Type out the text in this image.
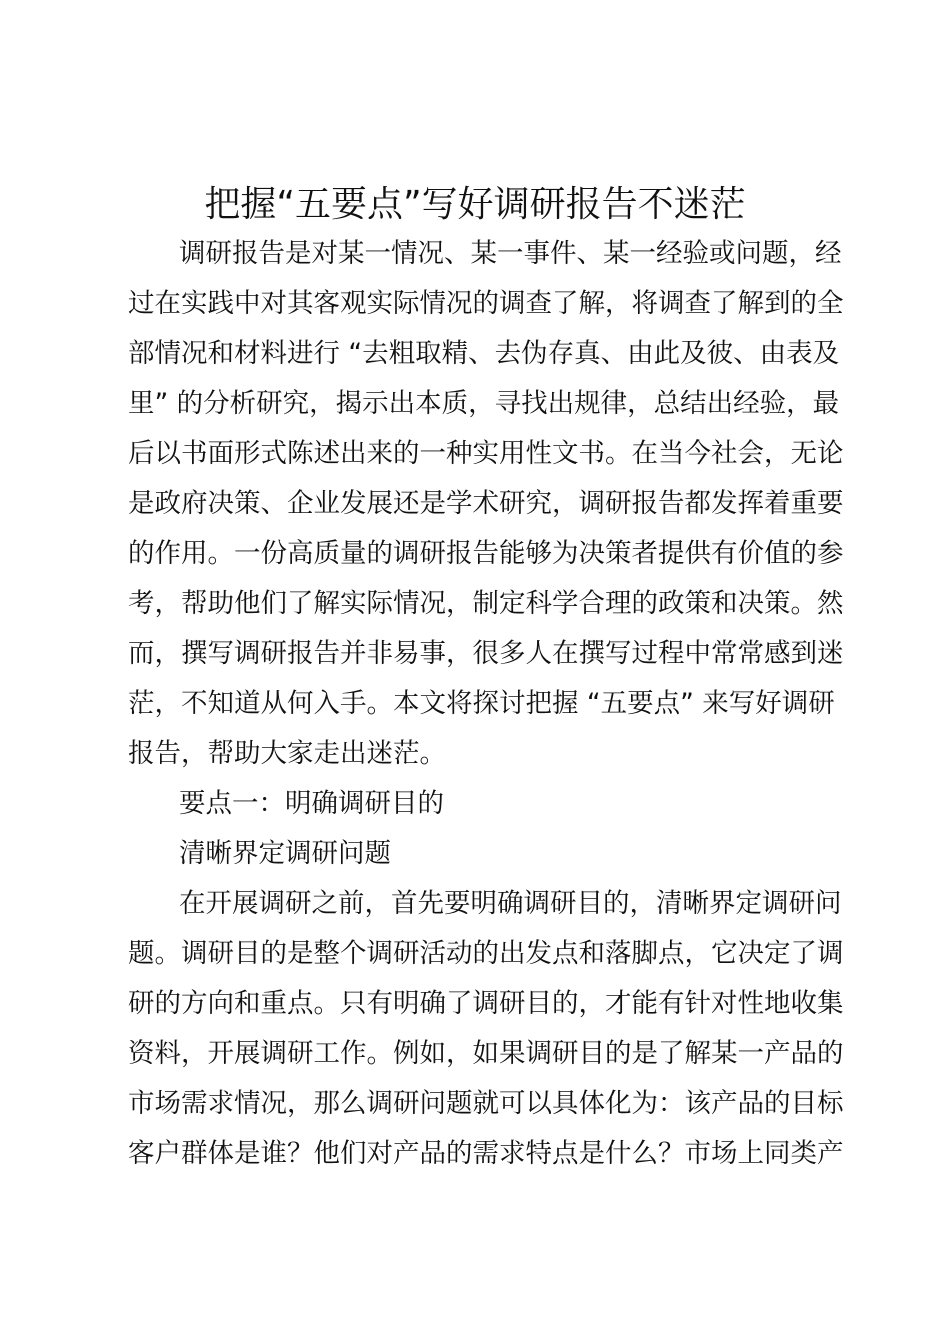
把握“五要点”写好调研报告不迷茫
调研报告是对某一情况、某一事件、某一经验或问题，经
过在实践中对其客观实际情况的调查了解，将调查了解到的全
部情况和材料进行 “去粗取精、去伪存真、由此及彼、由表及
里” 的分析研究，揭示出本质，寻找出规律，总结出经验，最
后以书面形式陈述出来的一种实用性文书。在当今社会，无论
是政府决策、企业发展还是学术研究，调研报告都发挥着重要
的作用。一份高质量的调研报告能够为决策者提供有价值的参
考，帮助他们了解实际情况，制定科学合理的政策和决策。然
而，撰写调研报告并非易事，很多人在撰写过程中常常感到迷
茫，不知道从何入手。本文将探讨把握 “五要点” 来写好调研
报告，帮助大家走出迷茫。
要点一：明确调研目的
清晰界定调研问题
在开展调研之前，首先要明确调研目的，清晰界定调研问
题。调研目的是整个调研活动的出发点和落脚点，它决定了调
研的方向和重点。只有明确了调研目的，才能有针对性地收集
资料，开展调研工作。例如，如果调研目的是了解某一产品的
市场需求情况，那么调研问题就可以具体化为：该产品的目标
客户群体是谁？他们对产品的需求特点是什么？市场上同类产
